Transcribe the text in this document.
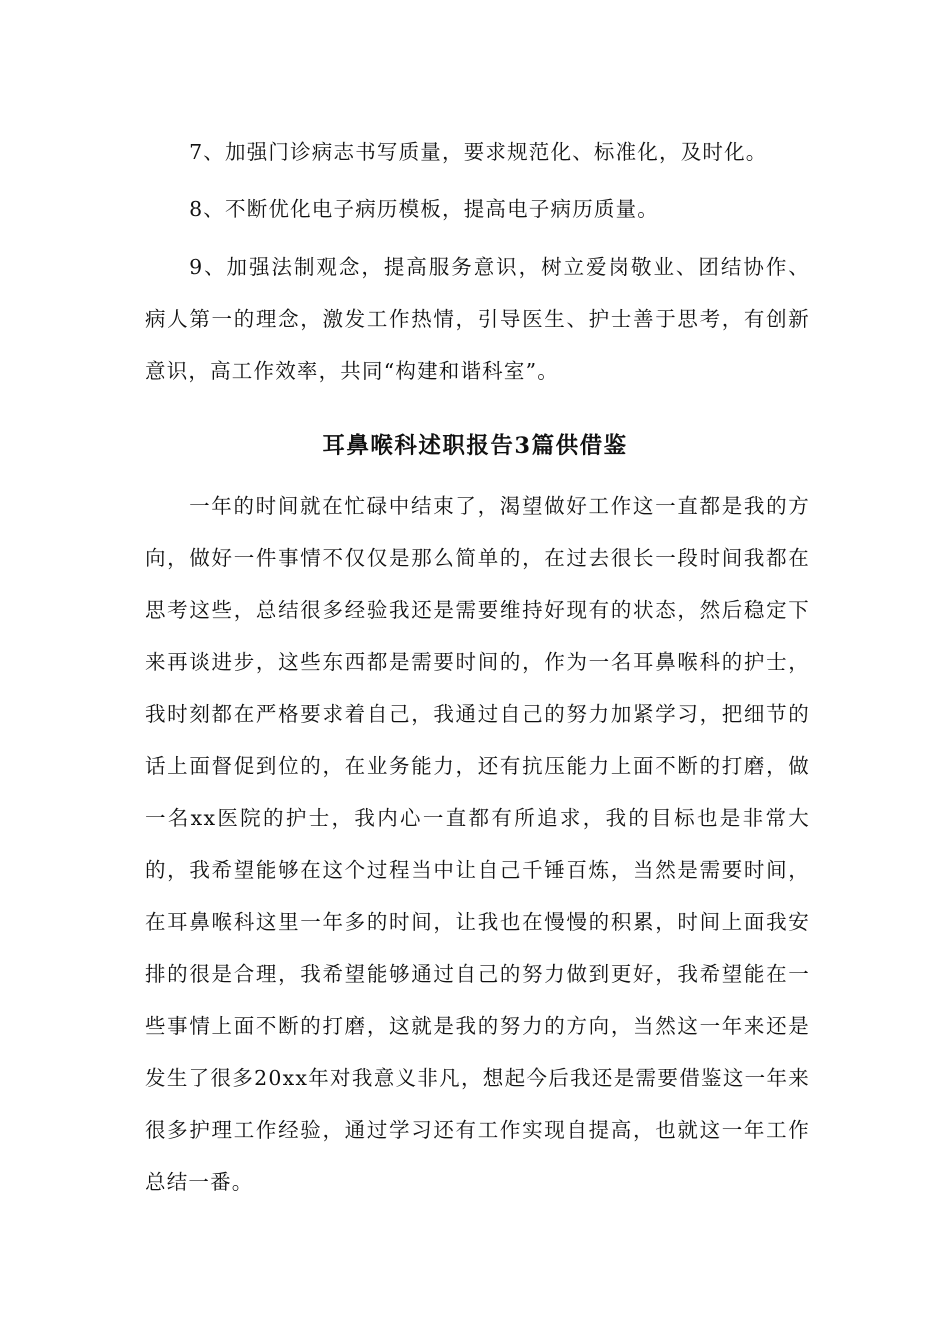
7、加强门诊病志书写质量，要求规范化、标准化，及时化。

8、不断优化电子病历模板，提高电子病历质量。

9、加强法制观念，提高服务意识，树立爱岗敬业、团结协作、病人第一的理念，激发工作热情，引导医生、护士善于思考，有创新意识，高工作效率，共同“构建和谐科室”。

耳鼻喉科述职报告3篇供借鉴

一年的时间就在忙碌中结束了，渴望做好工作这一直都是我的方向，做好一件事情不仅仅是那么简单的，在过去很长一段时间我都在思考这些，总结很多经验我还是需要维持好现有的状态，然后稳定下来再谈进步，这些东西都是需要时间的，作为一名耳鼻喉科的护士，我时刻都在严格要求着自己，我通过自己的努力加紧学习，把细节的话上面督促到位的，在业务能力，还有抗压能力上面不断的打磨，做一名xx医院的护士，我内心一直都有所追求，我的目标也是非常大的，我希望能够在这个过程当中让自己千锤百炼，当然是需要时间，在耳鼻喉科这里一年多的时间，让我也在慢慢的积累，时间上面我安排的很是合理，我希望能够通过自己的努力做到更好，我希望能在一些事情上面不断的打磨，这就是我的努力的方向，当然这一年来还是发生了很多20xx年对我意义非凡，想起今后我还是需要借鉴这一年来很多护理工作经验，通过学习还有工作实现自提高，也就这一年工作总结一番。
